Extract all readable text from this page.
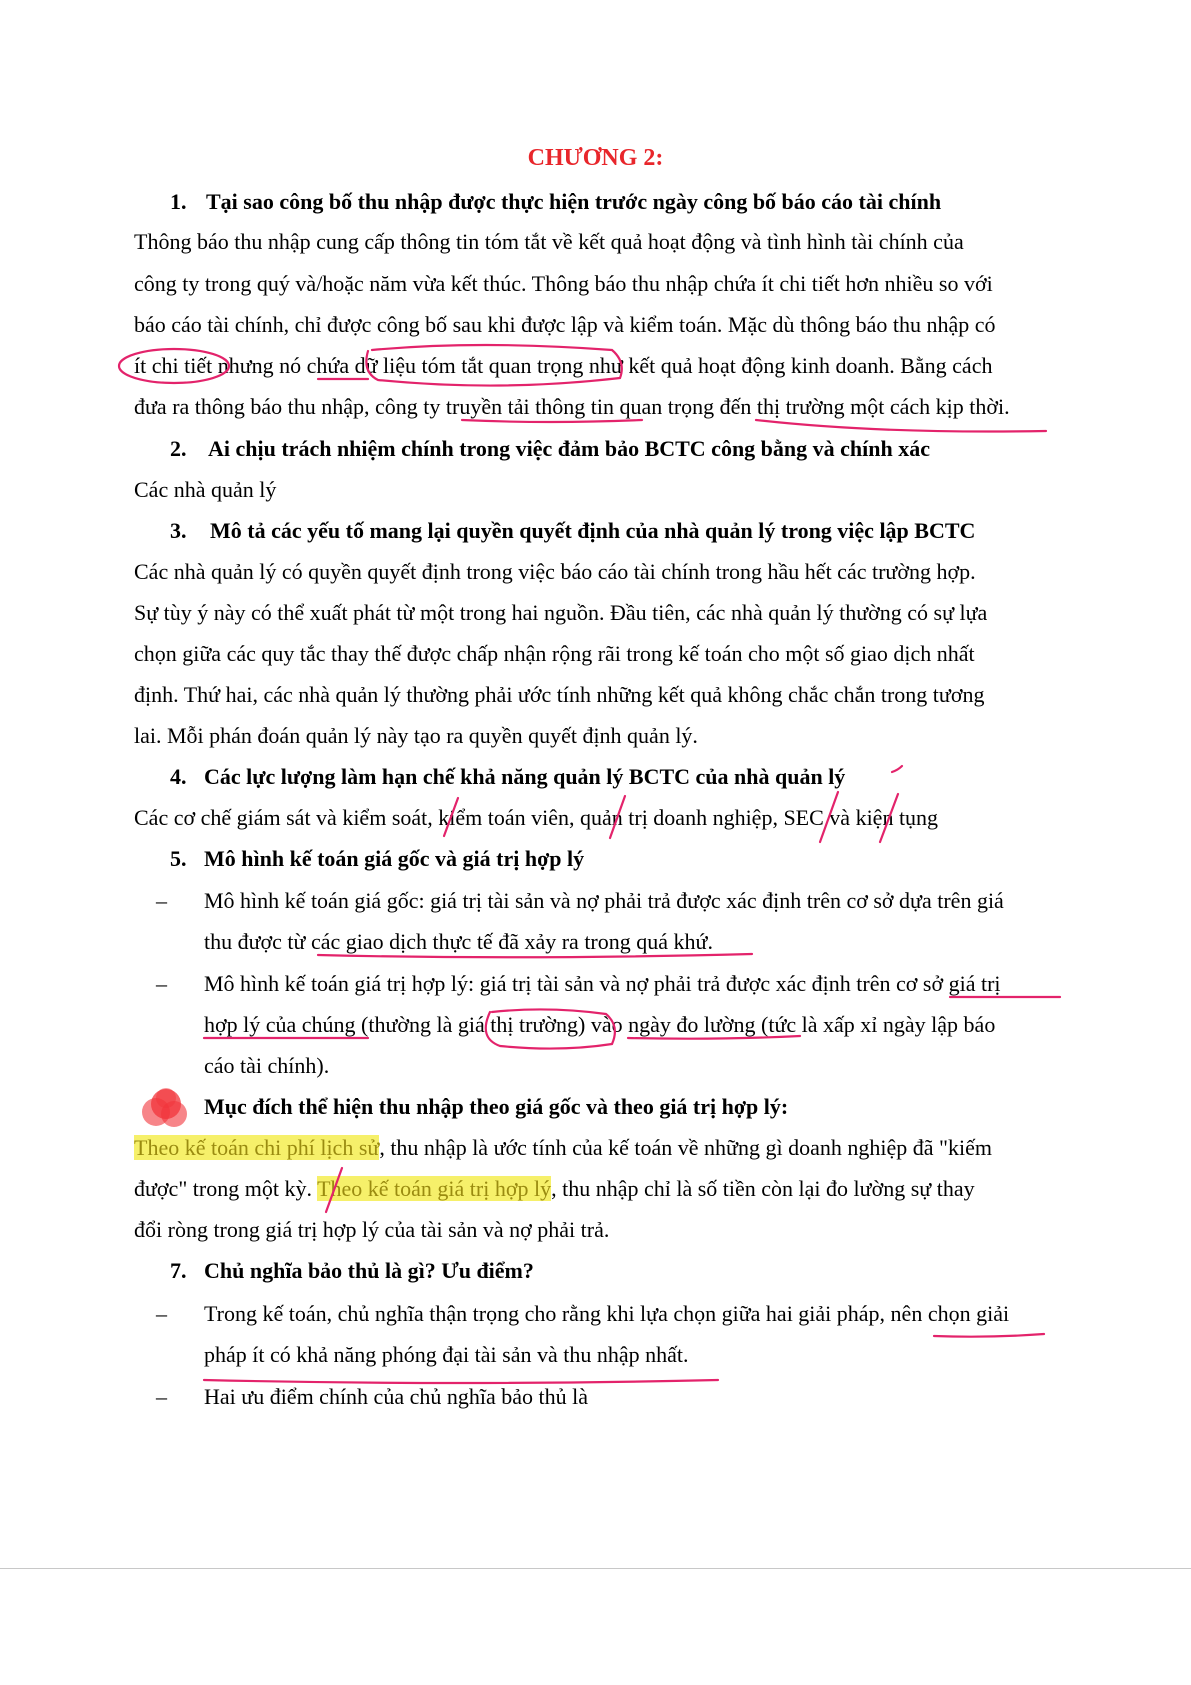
CHƯƠNG 2:
1. Tại sao công bố thu nhập được thực hiện trước ngày công bố báo cáo tài chính
Thông báo thu nhập cung cấp thông tin tóm tắt về kết quả hoạt động và tình hình tài chính của
công ty trong quý và/hoặc năm vừa kết thúc. Thông báo thu nhập chứa ít chi tiết hơn nhiều so với
báo cáo tài chính, chỉ được công bố sau khi được lập và kiểm toán. Mặc dù thông báo thu nhập có
ít chi tiết nhưng nó chứa dữ liệu tóm tắt quan trọng như kết quả hoạt động kinh doanh. Bằng cách
đưa ra thông báo thu nhập, công ty truyền tải thông tin quan trọng đến thị trường một cách kịp thời.
2. Ai chịu trách nhiệm chính trong việc đảm bảo BCTC công bằng và chính xác
Các nhà quản lý
3. Mô tả các yếu tố mang lại quyền quyết định của nhà quản lý trong việc lập BCTC
Các nhà quản lý có quyền quyết định trong việc báo cáo tài chính trong hầu hết các trường hợp.
Sự tùy ý này có thể xuất phát từ một trong hai nguồn. Đầu tiên, các nhà quản lý thường có sự lựa
chọn giữa các quy tắc thay thế được chấp nhận rộng rãi trong kế toán cho một số giao dịch nhất
định. Thứ hai, các nhà quản lý thường phải ước tính những kết quả không chắc chắn trong tương
lai. Mỗi phán đoán quản lý này tạo ra quyền quyết định quản lý.
4. Các lực lượng làm hạn chế khả năng quản lý BCTC của nhà quản lý
Các cơ chế giám sát và kiểm soát, kiểm toán viên, quản trị doanh nghiệp, SEC và kiện tụng
5. Mô hình kế toán giá gốc và giá trị hợp lý
– Mô hình kế toán giá gốc: giá trị tài sản và nợ phải trả được xác định trên cơ sở dựa trên giá
thu được từ các giao dịch thực tế đã xảy ra trong quá khứ.
– Mô hình kế toán giá trị hợp lý: giá trị tài sản và nợ phải trả được xác định trên cơ sở giá trị
hợp lý của chúng (thường là giá thị trường) vào ngày đo lường (tức là xấp xỉ ngày lập báo
cáo tài chính).
Mục đích thể hiện thu nhập theo giá gốc và theo giá trị hợp lý:
Theo kế toán chi phí lịch sử, thu nhập là ước tính của kế toán về những gì doanh nghiệp đã "kiếm
được" trong một kỳ. Theo kế toán giá trị hợp lý, thu nhập chỉ là số tiền còn lại đo lường sự thay
đổi ròng trong giá trị hợp lý của tài sản và nợ phải trả.
7. Chủ nghĩa bảo thủ là gì? Ưu điểm?
– Trong kế toán, chủ nghĩa thận trọng cho rằng khi lựa chọn giữa hai giải pháp, nên chọn giải
pháp ít có khả năng phóng đại tài sản và thu nhập nhất.
– Hai ưu điểm chính của chủ nghĩa bảo thủ là
